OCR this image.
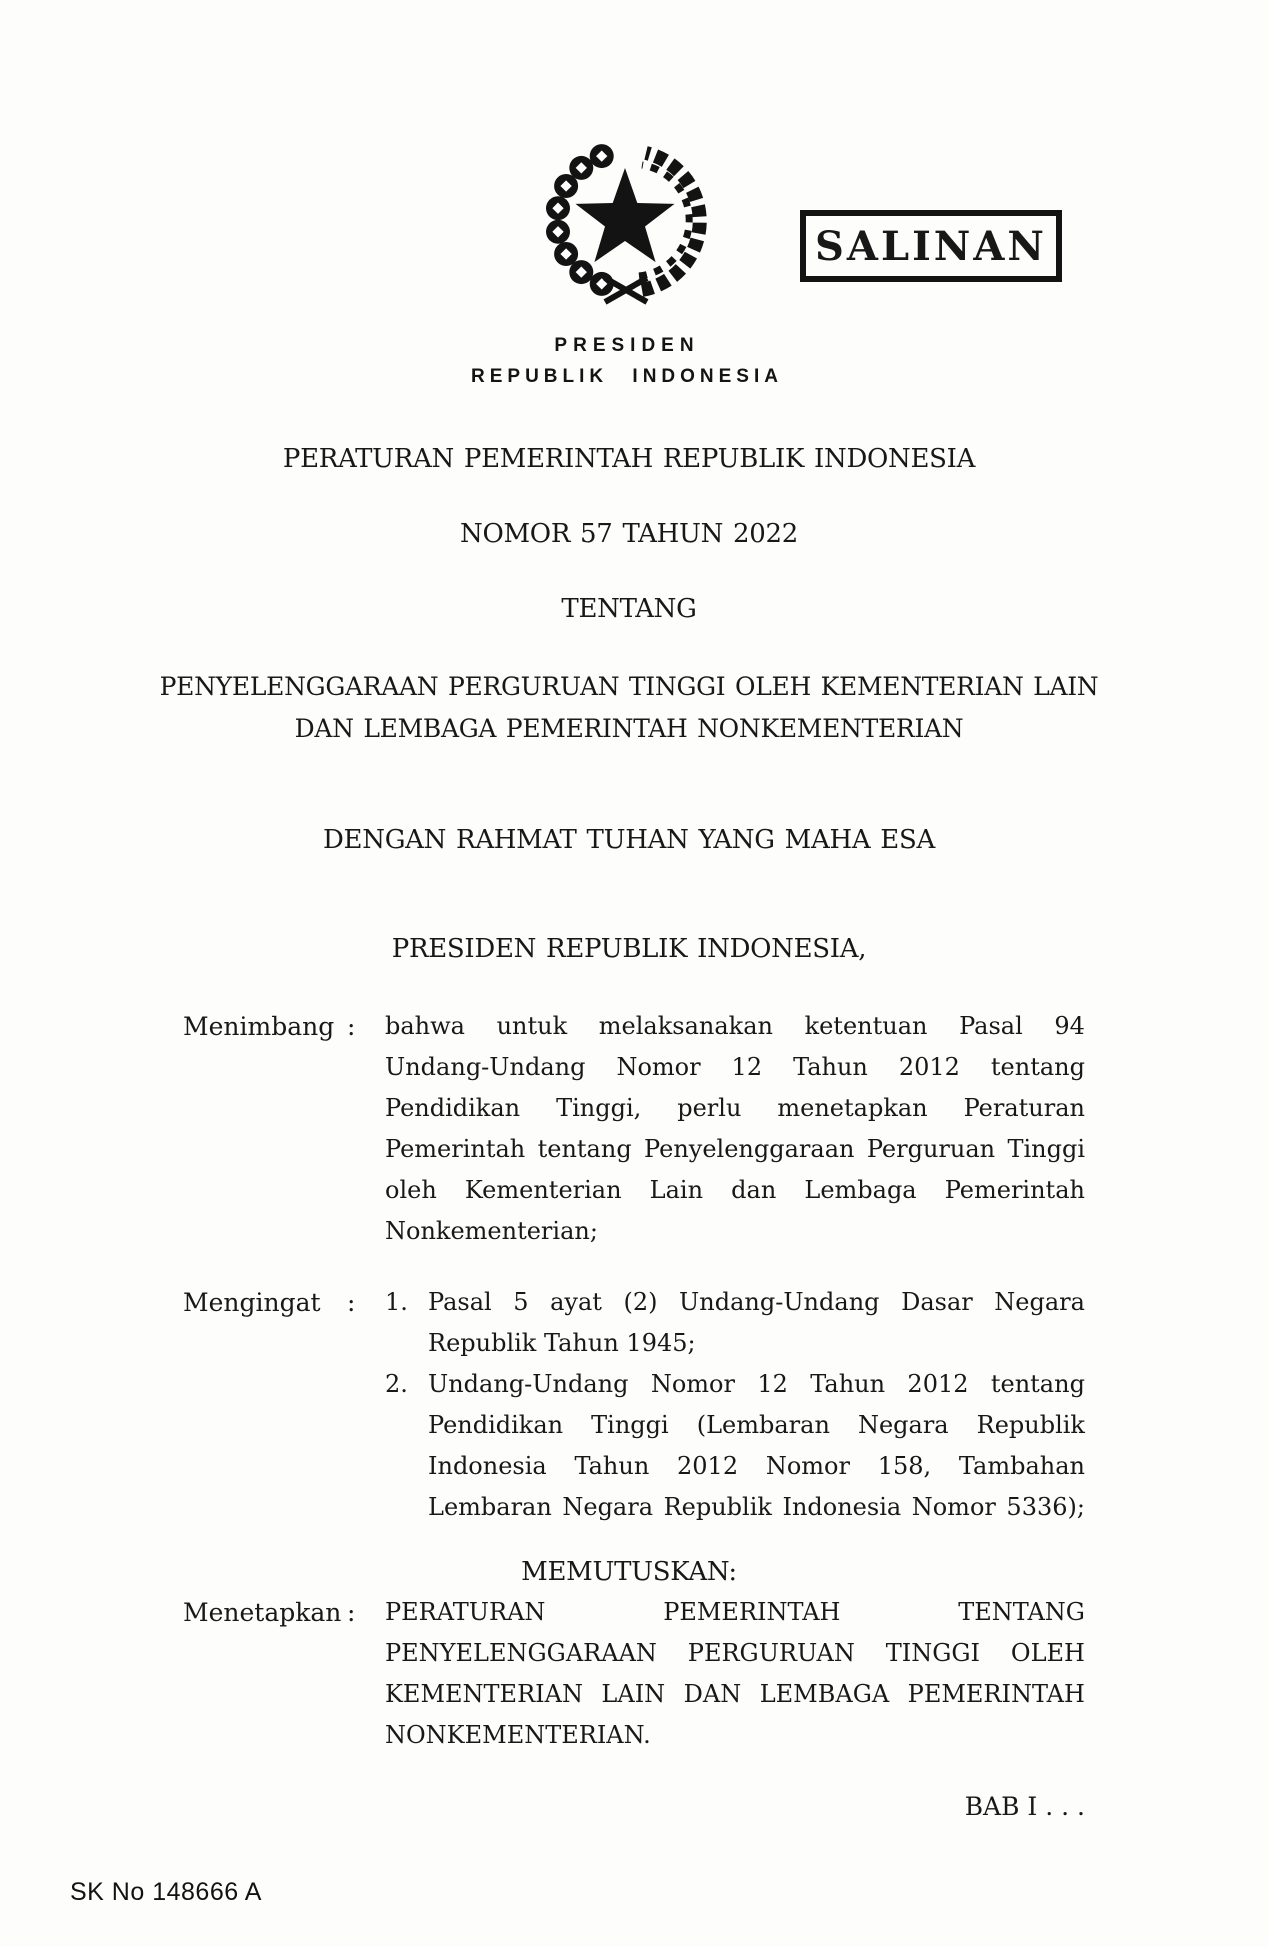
SALINAN
PRESIDEN
REPUBLIK INDONESIA
PERATURAN PEMERINTAH REPUBLIK INDONESIA
NOMOR 57 TAHUN 2022
TENTANG
PENYELENGGARAAN PERGURUAN TINGGI OLEH KEMENTERIAN LAIN
DAN LEMBAGA PEMERINTAH NONKEMENTERIAN
DENGAN RAHMAT TUHAN YANG MAHA ESA
PRESIDEN REPUBLIK INDONESIA,
Menimbang : bahwa untuk melaksanakan ketentuan Pasal 94
Undang-Undang Nomor 12 Tahun 2012 tentang
Pendidikan Tinggi, perlu menetapkan Peraturan
Pemerintah tentang Penyelenggaraan Perguruan Tinggi
oleh Kementerian Lain dan Lembaga Pemerintah
Nonkementerian;
Mengingat : 1. Pasal 5 ayat (2) Undang-Undang Dasar Negara
Republik Tahun 1945;
2. Undang-Undang Nomor 12 Tahun 2012 tentang
Pendidikan Tinggi (Lembaran Negara Republik
Indonesia Tahun 2012 Nomor 158, Tambahan
Lembaran Negara Republik Indonesia Nomor 5336);
MEMUTUSKAN:
Menetapkan : PERATURAN	PEMERINTAH	TENTANG
PENYELENGGARAAN PERGURUAN TINGGI OLEH
KEMENTERIAN LAIN DAN LEMBAGA PEMERINTAH
NONKEMENTERIAN.
BAB I . . .
SK No 148666 A
